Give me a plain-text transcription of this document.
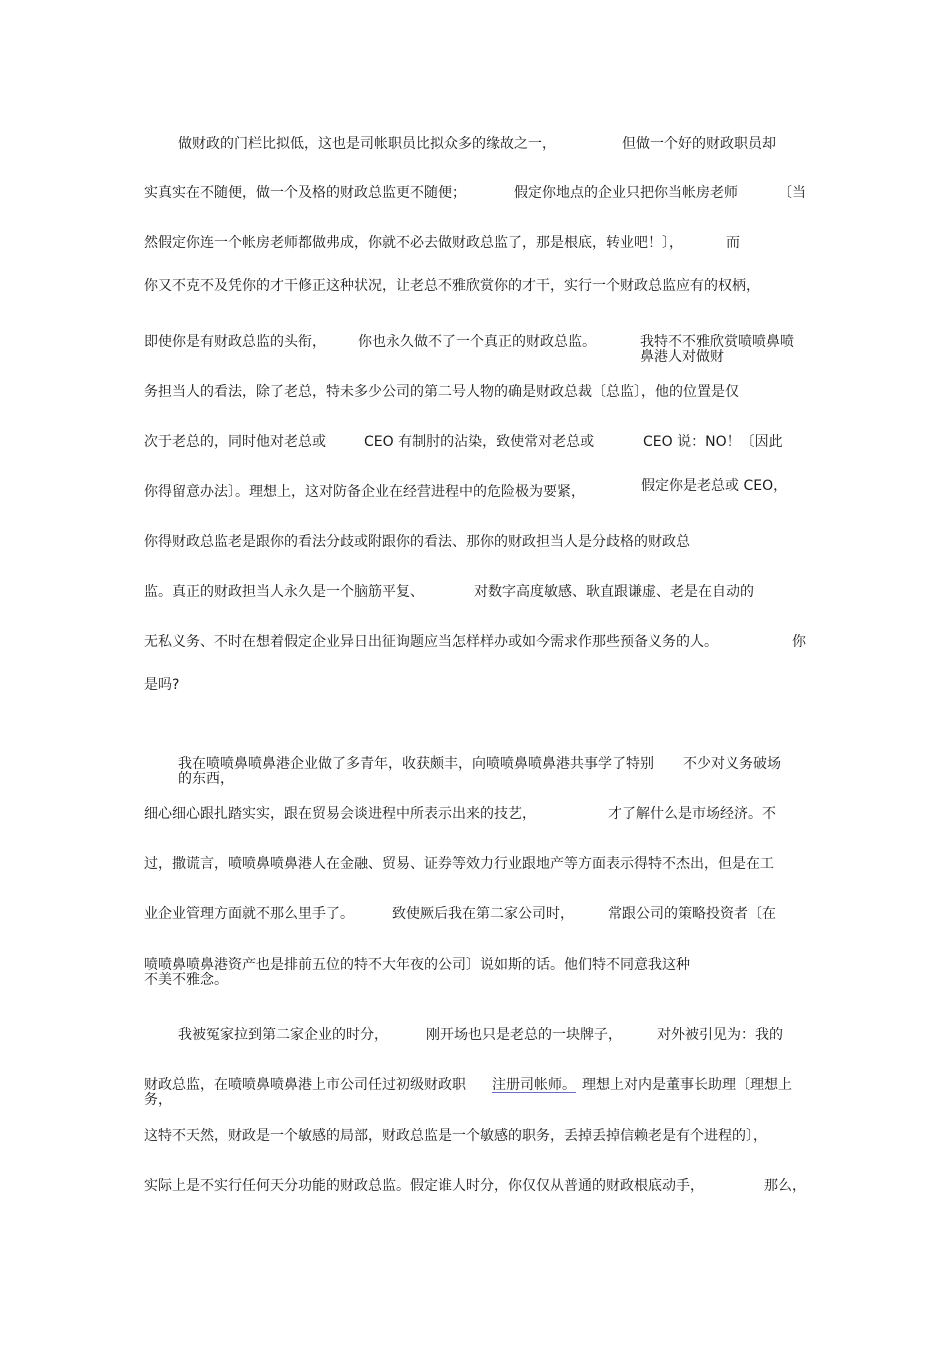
做财政的门栏比拟低，这也是司帐职员比拟众多的缘故之一，	但做一个好的财政职员却
实真实在不随便，做一个及格的财政总监更不随便；	假定你地点的企业只把你当帐房老师	〔当
然假定你连一个帐房老师都做弗成，你就不必去做财政总监了，那是根底，转业吧！〕，	而
你又不克不及凭你的才干修正这种状况，让老总不雅欣赏你的才干，实行一个财政总监应有的权柄，
即使你是有财政总监的头衔， 你也永久做不了一个真正的财政总监。	我特不不雅欣赏喷喷鼻喷
鼻港人对做财
务担当人的看法，除了老总，特未多少公司的第二号人物的确是财政总裁〔总监〕，他的位置是仅
次于老总的，同时他对老总或	CEO 有制肘的沾染，致使常对老总或	CEO 说：NO！〔因此
你得留意办法〕。理想上，这对防备企业在经营进程中的危险极为要紧，	假定你是老总或 CEO，
你得财政总监老是跟你的看法分歧或附跟你的看法、那你的财政担当人是分歧格的财政总
监。真正的财政担当人永久是一个脑筋平复、	对数字高度敏感、耿直跟谦虚、老是在自动的
无私义务、不时在想着假定企业异日出征询题应当怎样样办或如今需求作那些预备义务的人。	你
是吗?
我在喷喷鼻喷鼻港企业做了多青年，收获颇丰，向喷喷鼻喷鼻港共事学了特别 不少对义务破场
的东西，
细心细心跟扎踏实实，跟在贸易会谈进程中所表示出来的技艺，	才了解什么是市场经济。不
过，撒谎言，喷喷鼻喷鼻港人在金融、贸易、证券等效力行业跟地产等方面表示得特不杰出，但是在工
业企业管理方面就不那么里手了。	致使厥后我在第二家公司时， 常跟公司的策略投资者〔在
喷喷鼻喷鼻港资产也是排前五位的特不大年夜的公司〕说如斯的话。他们特不同意我这种
不美不雅念。
我被冤家拉到第二家企业的时分，	刚开场也只是老总的一块牌子，	对外被引见为：我的
财政总监，在喷喷鼻喷鼻港上市公司任过初级财政职 注册司帐师。 理想上对内是董事长助理〔理想上
务，
这特不天然，财政是一个敏感的局部，财政总监是一个敏感的职务，丢掉丢掉信赖老是有个进程的〕，
实际上是不实行任何天分功能的财政总监。假定谁人时分，你仅仅从普通的财政根底动手，	那么，
